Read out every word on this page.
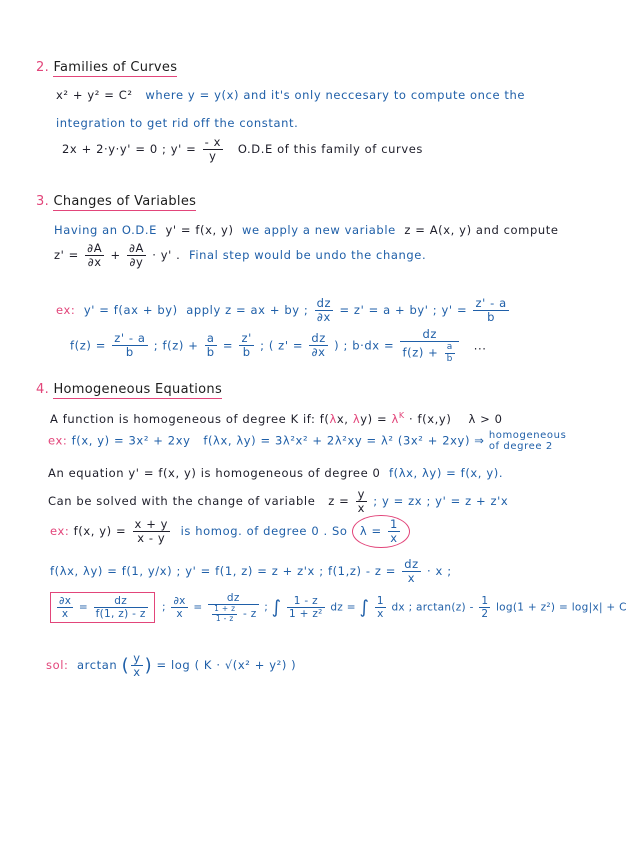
2. Families of Curves
x² + y² = C² where y = y(x) and it's only neccesary to compute once the
integration to get rid off the constant.
2x + 2·y·y' = 0 ; $y' = \frac{- x}{y} O.D.E$ of this family of curves
3. Changes of Variables
Having an O.D.E y' = f(x, y) we apply a new variable z = A(x, y) and compute
$z' = \frac{\partial A}{\partial x} + \frac{\partial A}{\partial y} \cdot y'$ . Final step would be undo the change.
ex: y' = f(ax + by) apply z = ax + by ; $\frac{dz}{\partial x} = z' = a + by'$ ; $y' = \frac{z' - a}{b}$
$f(z) = \frac{z' - a}{b}$ ; $f(z) + \frac{a}{b} = \frac{z'}{b}$ ; ( $z' = \frac{dz}{\partial x}$ ) ; $b\cdot dx = \frac{dz}{f(z) + \frac{a}{b}}$ ...
4. Homogeneous Equations
A function is homogeneous of degree K if: f(λx, $\lambda y) = \lambda^K \cdot f(x,y) \lambda > 0$
ex: f(x, y) = 3x² + 2xy f(λx, λy) = 3λ²x² + 2λ²xy = λ² (3x² + 2xy) ⇒ homogeneous
of degree 2
An equation y' = f(x, y) is homogeneous of degree 0 f(λx, λy) = f(x, y).
Can be solved with the change of variable $z = \frac{y}{x}$ ; y = zx ; y' = z + z'x
ex: f(x, $y) = \frac{x + y}{x - y}$ is homog. of degree 0 . So $\lambda = \frac{1}{x}$
f(λx, λy) = f(1, y/x) ; y' = f(1, z) = z + z'x ; $f(1,z) - z = \frac{dz}{x} \cdot x$ ;
$\frac{\partial x}{x} = \frac{dz}{f(1, z) - z}$ ; $\frac{\partial x}{x} = \frac{dz}{\frac{1 + z}{1 - z} - z}$ ; ∫ $\frac{1 - z}{\text{1 + z²}}$ dz = ∫ $\frac{1}{x}$ dx ; $\arctan(z) - \frac{1}{2} \log(1 + z^2) = \log|x| + C$
sol: arctan ( $\frac{y}{x}$ ) = log ( K · √(x² + y²) )
